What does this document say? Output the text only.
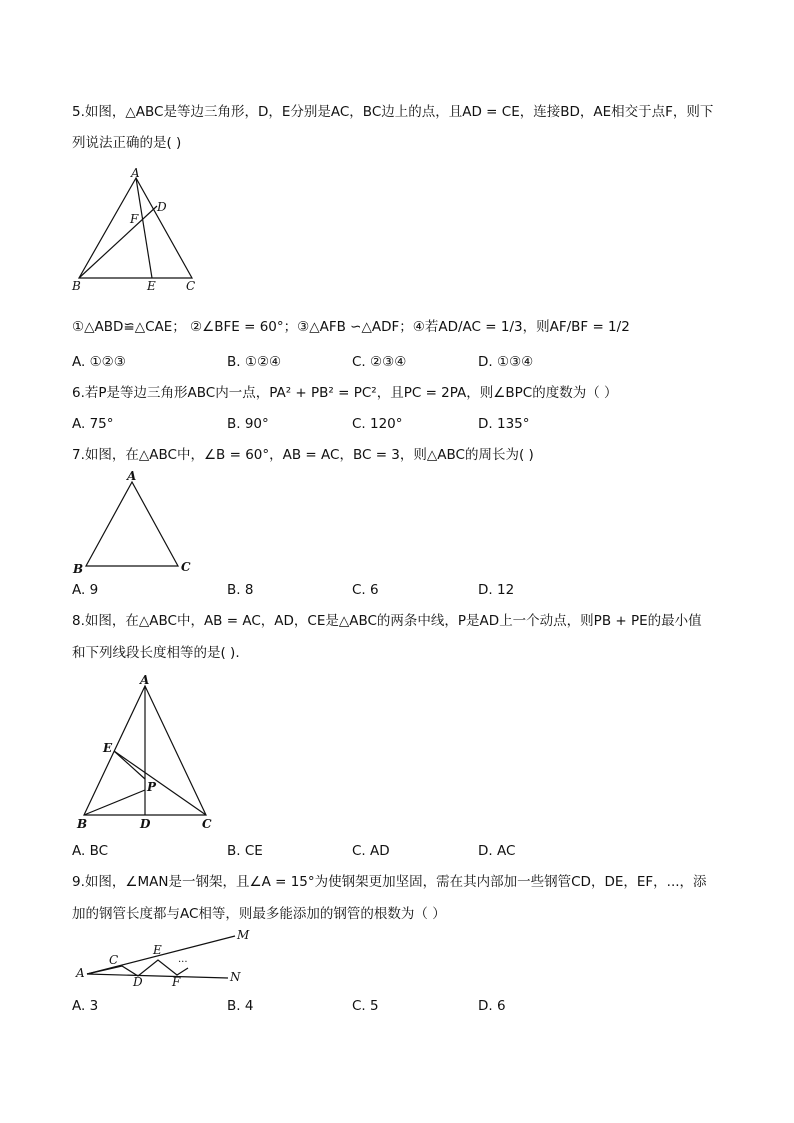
5.如图，△ABC是等边三角形，D，E分别是AC，BC边上的点，且AD = CE，连接BD，AE相交于点F，则下
列说法正确的是( )
A
B	C
D
E
F
①△ABD≌△CAE； ②∠BFE = 60°；③△AFB ∽△ADF；④若AD/AC = 1/3，则AF/BF = 1/2
A. ①②③	B. ①②④	C. ②③④	D. ①③④
6.若P是等边三角形ABC内一点，PA² + PB² = PC²，且PC = 2PA，则∠BPC的度数为（ ）
A. 75°	B. 90°	C. 120°	D. 135°
7.如图，在△ABC中，∠B = 60°，AB = AC，BC = 3，则△ABC的周长为( )
A
B	C
A. 9	B. 8	C. 6	D. 12
8.如图，在△ABC中，AB = AC，AD，CE是△ABC的两条中线，P是AD上一个动点，则PB + PE的最小值
和下列线段长度相等的是( ).
A
B	C
D
E
P
A. BC	B. CE	C. AD	D. AC
9.如图，∠MAN是一钢架，且∠A = 15°为使钢架更加坚固，需在其内部加一些钢管CD，DE，EF，...，添
加的钢管长度都与AC相等，则最多能添加的钢管的根数为（ ）
A
C
D
E
F
M
N
...
A. 3	B. 4	C. 5	D. 6
